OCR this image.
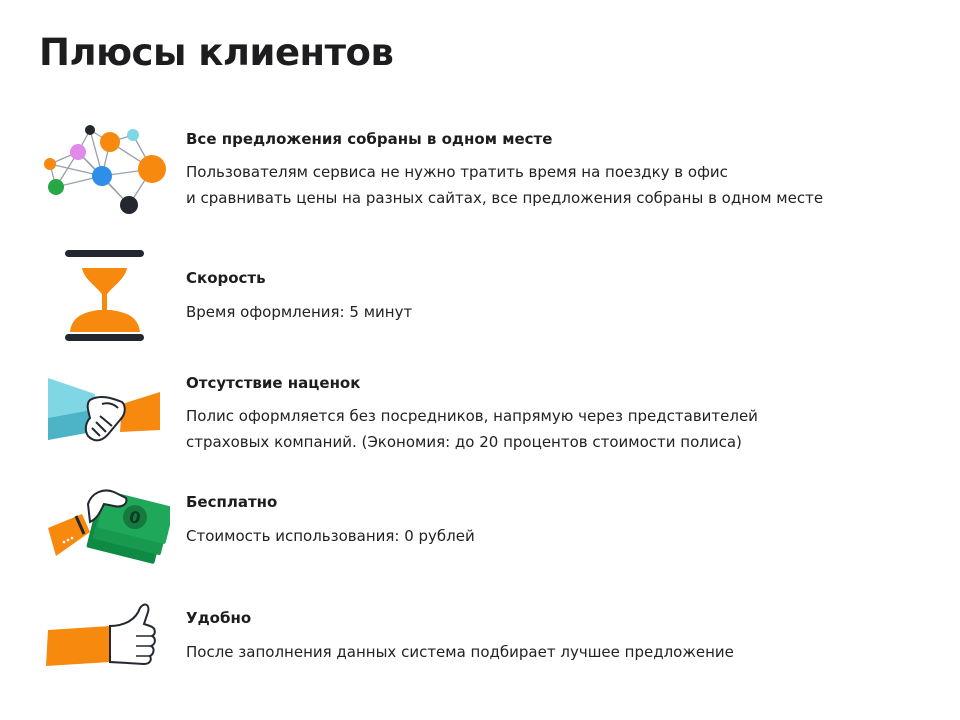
Плюсы клиентов

Все предложения собраны в одном месте

Пользователям сервиса не нужно тратить время на поездку в офис
и сравнивать цены на разных сайтах, все предложения собраны в одном месте

Скорость

Время оформления: 5 минут

Отсутствие наценок

Полис оформляется без посредников, напрямую через представителей
страховых компаний. (Экономия: до 20 процентов стоимости полиса)

0

Бесплатно

Стоимость использования: 0 рублей

Удобно

После заполнения данных система подбирает лучшее предложение
